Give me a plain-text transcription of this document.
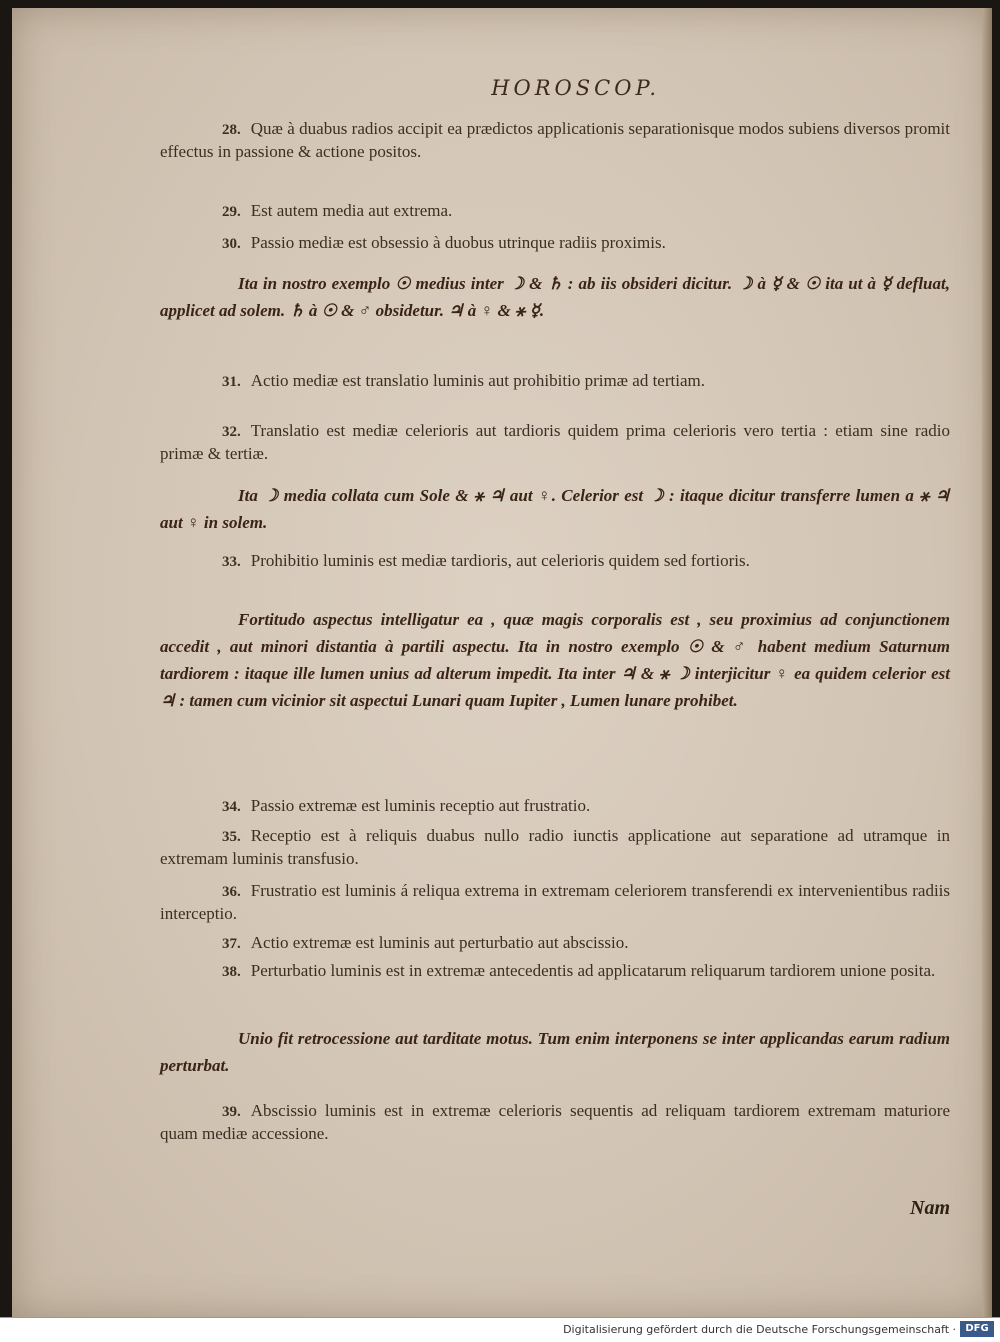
HOROSCOP.
28. Quæ à duabus radios accipit ea prædictos applicationis separationisque modos subiens diversos promit effectus in passione & actione positos.
29. Est autem media aut extrema.
30. Passio mediæ est obsessio à duobus utrinque radiis proximis.
Ita in nostro exemplo ☉ medius inter ☽ & ♄ : ab iis obsideri dicitur. ☽ à ☿ & ☉ ita ut à ☿ defluat, applicet ad solem. ♄ à ☉ & ♂ obsidetur. ♃ à ♀ & ⚹ ☿.
31. Actio mediæ est translatio luminis aut prohibitio primæ ad tertiam.
32. Translatio est mediæ celerioris aut tardioris quidem prima celerioris vero tertia : etiam sine radio primæ & tertiæ.
Ita ☽ media collata cum Sole & ⚹ ♃ aut ♀. Celerior est ☽ : itaque dicitur transferre lumen a ⚹ ♃ aut ♀ in solem.
33. Prohibitio luminis est mediæ tardioris, aut celerioris quidem sed fortioris.
Fortitudo aspectus intelligatur ea , quæ magis corporalis est , seu proximius ad conjunctionem accedit , aut minori distantia à partili aspectu. Ita in nostro exemplo ☉ & ♂ habent medium Saturnum tardiorem : itaque ille lumen unius ad alterum impedit. Ita inter ♃ & ⚹ ☽ interjicitur ♀ ea quidem celerior est ♃ : tamen cum vicinior sit aspectui Lunari quam Iupiter , Lumen lunare prohibet.
34. Passio extremæ est luminis receptio aut frustratio.
35. Receptio est à reliquis duabus nullo radio iunctis applicatione aut separatione ad utramque in extremam luminis transfusio.
36. Frustratio est luminis á reliqua extrema in extremam celeriorem transferendi ex intervenientibus radiis interceptio.
37. Actio extremæ est luminis aut perturbatio aut abscissio.
38. Perturbatio luminis est in extremæ antecedentis ad applicatarum reliquarum tardiorem unione posita.
Unio fit retrocessione aut tarditate motus. Tum enim interponens se inter applicandas earum radium perturbat.
39. Abscissio luminis est in extremæ celerioris sequentis ad reliquam tardiorem extremam maturiore quam mediæ accessione.
Nam
Digitalisierung gefördert durch die Deutsche Forschungsgemeinschaft · DFG
